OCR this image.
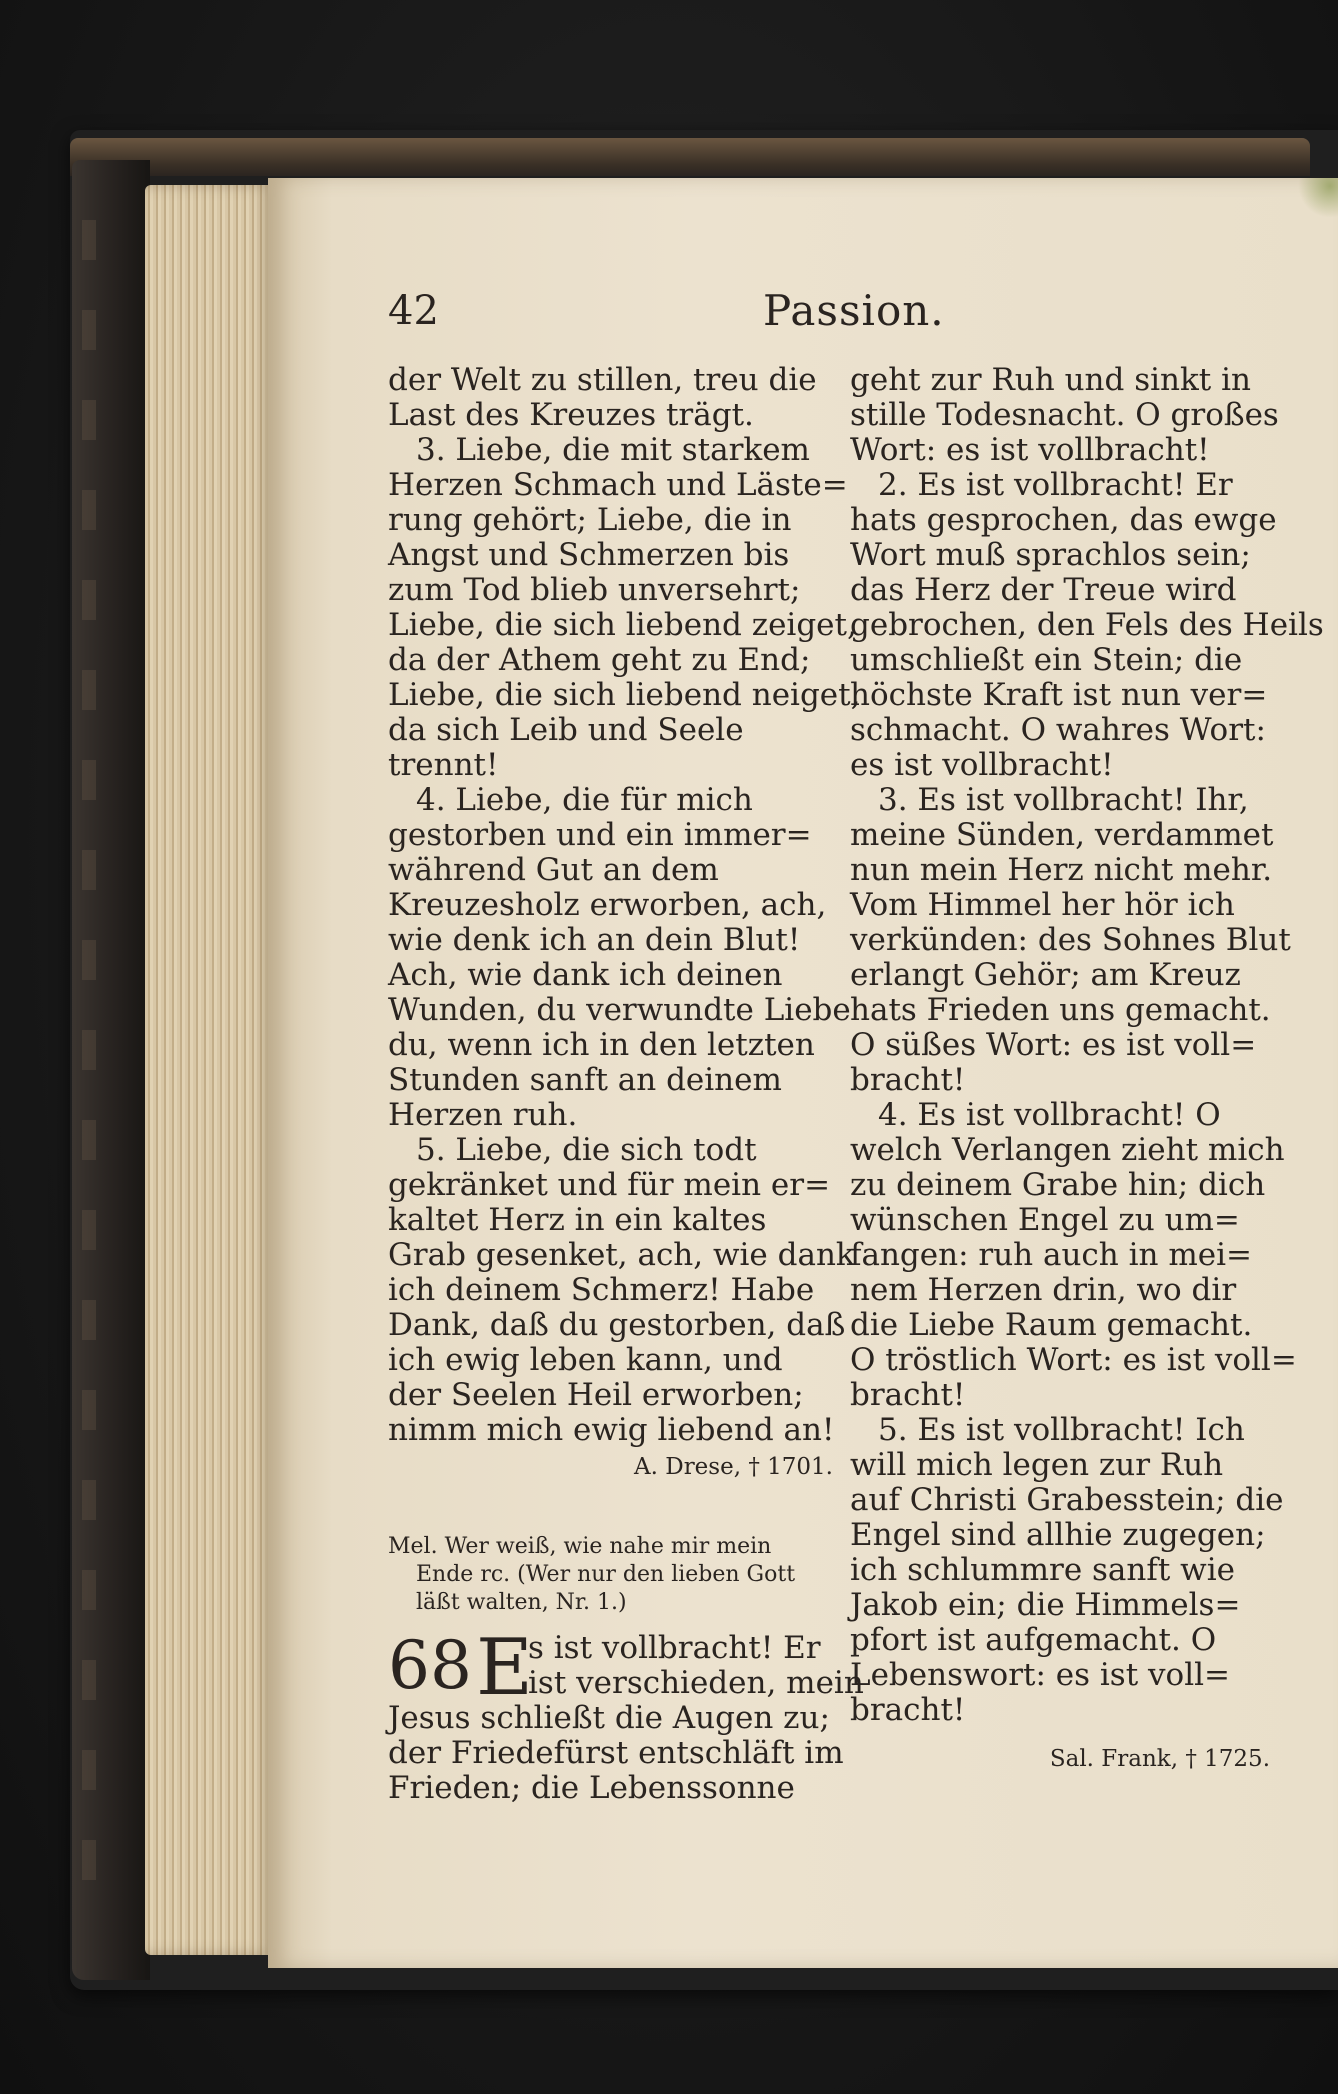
42	Passion.
der Welt zu stillen, treu die
Last des Kreuzes trägt.
3. Liebe, die mit starkem
Herzen Schmach und Läste=
rung gehört; Liebe, die in
Angst und Schmerzen bis
zum Tod blieb unversehrt;
Liebe, die sich liebend zeiget,
da der Athem geht zu End;
Liebe, die sich liebend neiget,
da sich Leib und Seele
trennt!
4. Liebe, die für mich
gestorben und ein immer=
während Gut an dem
Kreuzesholz erworben, ach,
wie denk ich an dein Blut!
Ach, wie dank ich deinen
Wunden, du verwundte Liebe
du, wenn ich in den letzten
Stunden sanft an deinem
Herzen ruh.
5. Liebe, die sich todt
gekränket und für mein er=
kaltet Herz in ein kaltes
Grab gesenket, ach, wie dank
ich deinem Schmerz! Habe
Dank, daß du gestorben, daß
ich ewig leben kann, und
der Seelen Heil erworben;
nimm mich ewig liebend an!
A. Drese, † 1701.
Mel. Wer weiß, wie nahe mir mein
Ende rc. (Wer nur den lieben Gott
läßt walten, Nr. 1.)
68 E
s ist vollbracht! Er
ist verschieden, mein
Jesus schließt die Augen zu;
der Friedefürst entschläft im
Frieden; die Lebenssonne
geht zur Ruh und sinkt in
stille Todesnacht. O großes
Wort: es ist vollbracht!
2. Es ist vollbracht! Er
hats gesprochen, das ewge
Wort muß sprachlos sein;
das Herz der Treue wird
gebrochen, den Fels des Heils
umschließt ein Stein; die
höchste Kraft ist nun ver=
schmacht. O wahres Wort:
es ist vollbracht!
3. Es ist vollbracht! Ihr,
meine Sünden, verdammet
nun mein Herz nicht mehr.
Vom Himmel her hör ich
verkünden: des Sohnes Blut
erlangt Gehör; am Kreuz
hats Frieden uns gemacht.
O süßes Wort: es ist voll=
bracht!
4. Es ist vollbracht! O
welch Verlangen zieht mich
zu deinem Grabe hin; dich
wünschen Engel zu um=
fangen: ruh auch in mei=
nem Herzen drin, wo dir
die Liebe Raum gemacht.
O tröstlich Wort: es ist voll=
bracht!
5. Es ist vollbracht! Ich
will mich legen zur Ruh
auf Christi Grabesstein; die
Engel sind allhie zugegen;
ich schlummre sanft wie
Jakob ein; die Himmels=
pfort ist aufgemacht. O
Lebenswort: es ist voll=
bracht!
Sal. Frank, † 1725.
